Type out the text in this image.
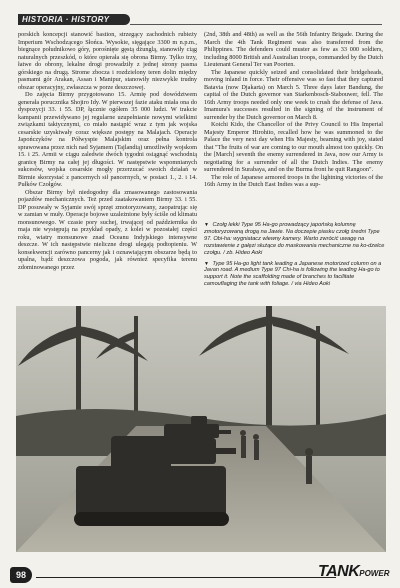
HISTORIA · HISTORY

porskich koncepcji stanowić bastion, strzegący zachodnich rubieży Imperium Wschodzącego Słońca. Wysokie, sięgające 3300 m n.p.m., biegnące południkowo góry, porośnięte gęstą dżunglą, stanowiły ciąg naturalnych przeszkód, o które opierała się obrona Birmy. Tylko trzy, łatwe do obrony, lekalne drogi prowadziły z jednej strony pasma górskiego na drugą. Strome zbocza i rozdzielony teren dolin między pasmami gór Arakan, Assan i Manipur, stanowiły niezwykle trudny obszar operacyjny, zwłaszcza w porze deszczowej.

Do zajęcia Birmy przygotowano 15. Armię pod dowództwem generała porucznika Shojiro Idy. W pierwszej fazie ataku miała ona do dyspozycji 33. i 55. DP, łącznie ogółem 35 000 ludzi. W trakcie kampanii przewidywano jej regularne uzupełnianie nowymi wielkimi związkami taktycznymi, co miało nastąpić wraz z tym jak wojska cesarskie uzyskiwały coraz większe postępy na Malajach. Operacje Japończyków na Półwyspie Malajskim oraz pełna kontrola sprawowana przez nich nad Syjamem (Tajlandią) umożliwiły wojskom 15. i 25. Armii w ciągu zaledwie dwóch tygodni osiągnąć wschodnią granicę Birmy na całej jej długości. W następstwie wspomnianych sukcesów, wojska cesarskie mogły przerzucać swoich działań w Birmie skorzystać z pancernych sił pancernych, w postaci 1., 2. i 14. Pułków Czołgów.

Obszar Birmy był niedogodny dla zmasowanego zastosowania pojazdów mechanicznych. Też przed zaatakowaniem Birmy 33. i 55. DP posuwały w Syjamie swój sprzęt zmotoryzowany, zaopatrując się w zamian w muły. Operacje bojowe uzależnione były ściśle od klimatu monsunowego. W czasie pory suchej, trwającej od października do maja nie występują na przykład opady, z kolei w pozostałej części roku, wiatry monsunowe znad Oceanu Indyjskiego intensywne deszcze. W ich następstwie nieliczne drogi ulegają podtopieniu. W konsekwencji zarówno pancerny jak i oznawiającym obszarze będą to upalna, bądź deszczowa pogoda, jak również specyfika terenu zdominowanego przez

(2nd, 38th and 48th) as well as the 56th Infantry Brigade. During the March the 4th Tank Regiment was also transferred from the Philippines. The defenders could muster as few as 33 000 soldiers, including 8000 British and Australian troops, commanded by the Dutch Lieutenant General Ter van Poorten.

The Japanese quickly seized and consolidated their bridgeheads, moving inland in force. Their offensive was so fast that they captured Batavia (now Djakarta) on March 5. Three days later Bandung, the capital of the Dutch governor van Starkenbosch-Stabouwer, fell. The 16th Army troops needed only one week to crush the defense of Java. Imamura's successes resulted in the signing of the instrument of surrender by the Dutch governor on March 8.

Koichi Kido, the Chancellor of the Privy Council to His Imperial Majesty Emperor Hirohito, recalled how he was summoned to the Palace the very next day when His Majesty, beaming with joy, stated that "The fruits of war are coming to our mouth almost too quickly. On the [March] seventh the enemy surrendered in Java, now our Army is negotiating for a surrender of all the Dutch Indies. The enemy surrendered in Surabaya, and on the Burma front he quit Rangoon".

The role of Japanese armored troops in the lightning victories of the 16th Army in the Dutch East Indies was a sup-

▼ Czołg lekki Type 95 Ha-go prowadzący japońską kolumnę zmotoryzowaną drogą na Jawie. Na doczepie piasku czołg średni Type 97. Obi-ha: wygniatacz wlewny kamery. Warto zwrócić uwagę na rozstawienie z gałęzi służące do maskowania mechaniczne na ko-dzelce czołgu. / zb. Hideo Aoki

▼ Type 95 Ha-go light tank leading a Japanese motorized column on a Javan road. A medium Type 97 Chi-ha is following the leading Ha-go to support it. Note the scaffolding made of branches to facilitate camouflaging the tank with foliage. / via Hideo Aoki

98	TANKPOWER
